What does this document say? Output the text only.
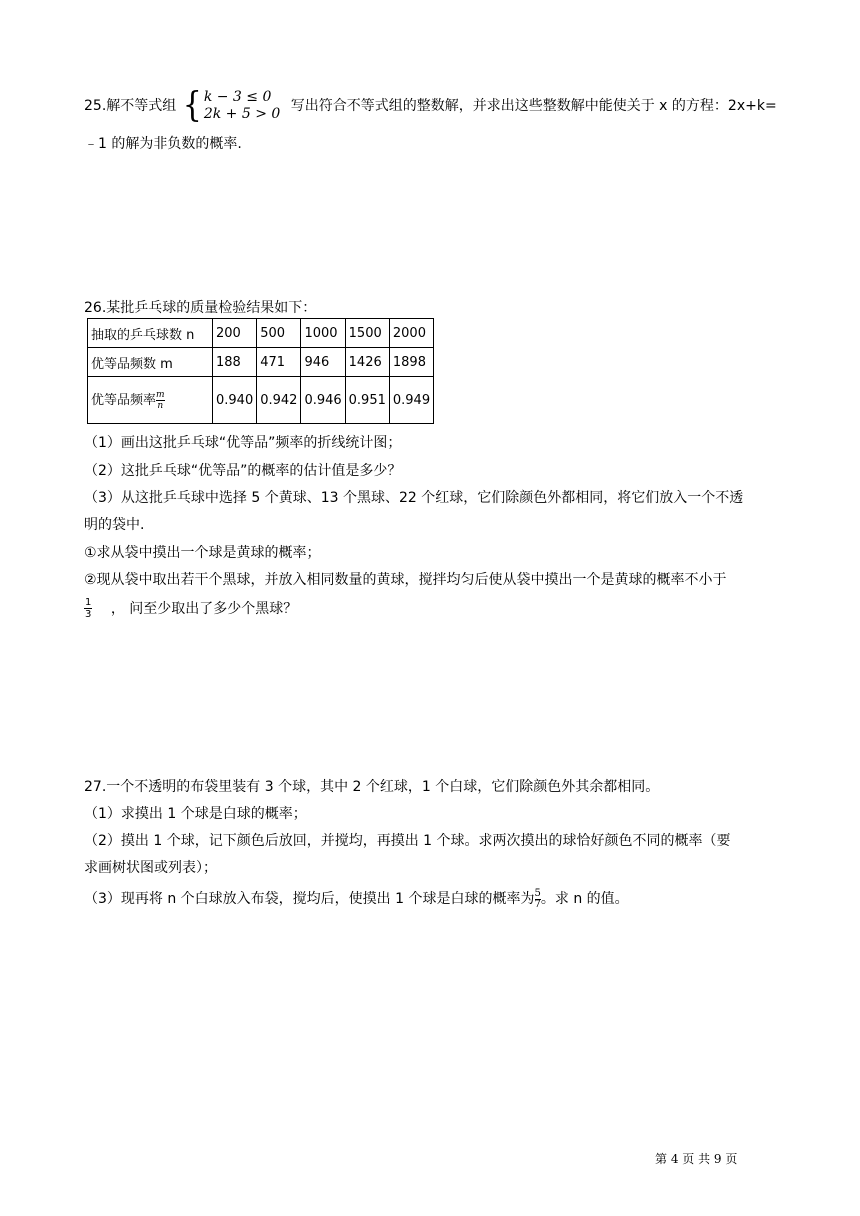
25.解不等式组 { k − 3 ≤ 0
2k + 5 > 0 写出符合不等式组的整数解，并求出这些整数解中能使关于 x 的方程：2x+k=
﹣1 的解为非负数的概率.
26.某批乒乓球的质量检验结果如下：
抽取的乒乓球数 n	200	500	1000	1500	2000
优等品频数 m	188	471	946	1426	1898
优等品频率 $\frac{m}{n}$	0.940	0.942	0.946	0.951	0.949
（1）画出这批乒乓球“优等品”频率的折线统计图；
（2）这批乒乓球“优等品”的概率的估计值是多少？
（3）从这批乒乓球中选择 5 个黄球、13 个黑球、22 个红球，它们除颜色外都相同，将它们放入一个不透
明的袋中.
①求从袋中摸出一个球是黄球的概率；
②现从袋中取出若干个黑球，并放入相同数量的黄球，搅拌均匀后使从袋中摸出一个是黄球的概率不小于
$\frac{1}{3}$ ， 问至少取出了多少个黑球？
27.一个不透明的布袋里装有 3 个球，其中 2 个红球，1 个白球，它们除颜色外其余都相同。
（1）求摸出 1 个球是白球的概率；
（2）摸出 1 个球，记下颜色后放回，并搅均，再摸出 1 个球。求两次摸出的球恰好颜色不同的概率（要
求画树状图或列表）；
（3）现再将 n 个白球放入布袋，搅均后，使摸出 1 个球是白球的概率为 $\frac{5}{7}$ 。求 n 的值。
第 4 页 共 9 页
